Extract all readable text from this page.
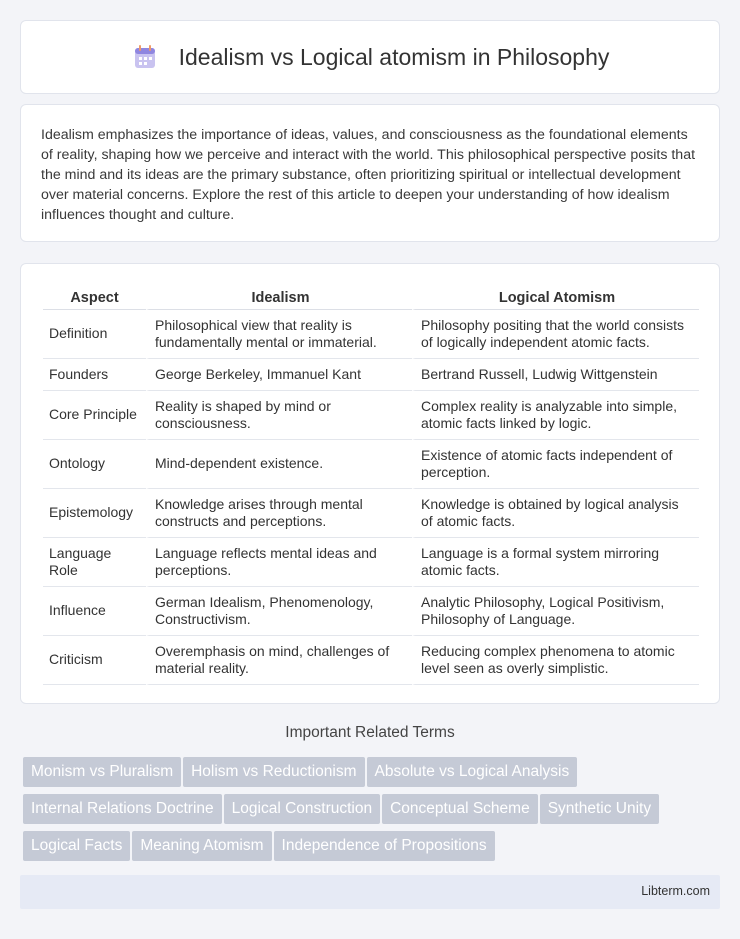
Idealism vs Logical atomism in Philosophy

Idealism emphasizes the importance of ideas, values, and consciousness as the foundational elements of reality, shaping how we perceive and interact with the world. This philosophical perspective posits that the mind and its ideas are the primary substance, often prioritizing spiritual or intellectual development over material concerns. Explore the rest of this article to deepen your understanding of how idealism influences thought and culture.

Aspect	Idealism	Logical Atomism
Definition	Philosophical view that reality is fundamentally mental or immaterial.	Philosophy positing that the world consists of logically independent atomic facts.
Founders	George Berkeley, Immanuel Kant	Bertrand Russell, Ludwig Wittgenstein
Core Principle	Reality is shaped by mind or consciousness.	Complex reality is analyzable into simple, atomic facts linked by logic.
Ontology	Mind-dependent existence.	Existence of atomic facts independent of perception.
Epistemology	Knowledge arises through mental constructs and perceptions.	Knowledge is obtained by logical analysis of atomic facts.
Language Role	Language reflects mental ideas and perceptions.	Language is a formal system mirroring atomic facts.
Influence	German Idealism, Phenomenology, Constructivism.	Analytic Philosophy, Logical Positivism, Philosophy of Language.
Criticism	Overemphasis on mind, challenges of material reality.	Reducing complex phenomena to atomic level seen as overly simplistic.
Important Related Terms
Monism vs Pluralism Holism vs Reductionism Absolute vs Logical Analysis
Internal Relations Doctrine Logical Construction Conceptual Scheme Synthetic Unity
Logical Facts Meaning Atomism Independence of Propositions
Libterm.com
